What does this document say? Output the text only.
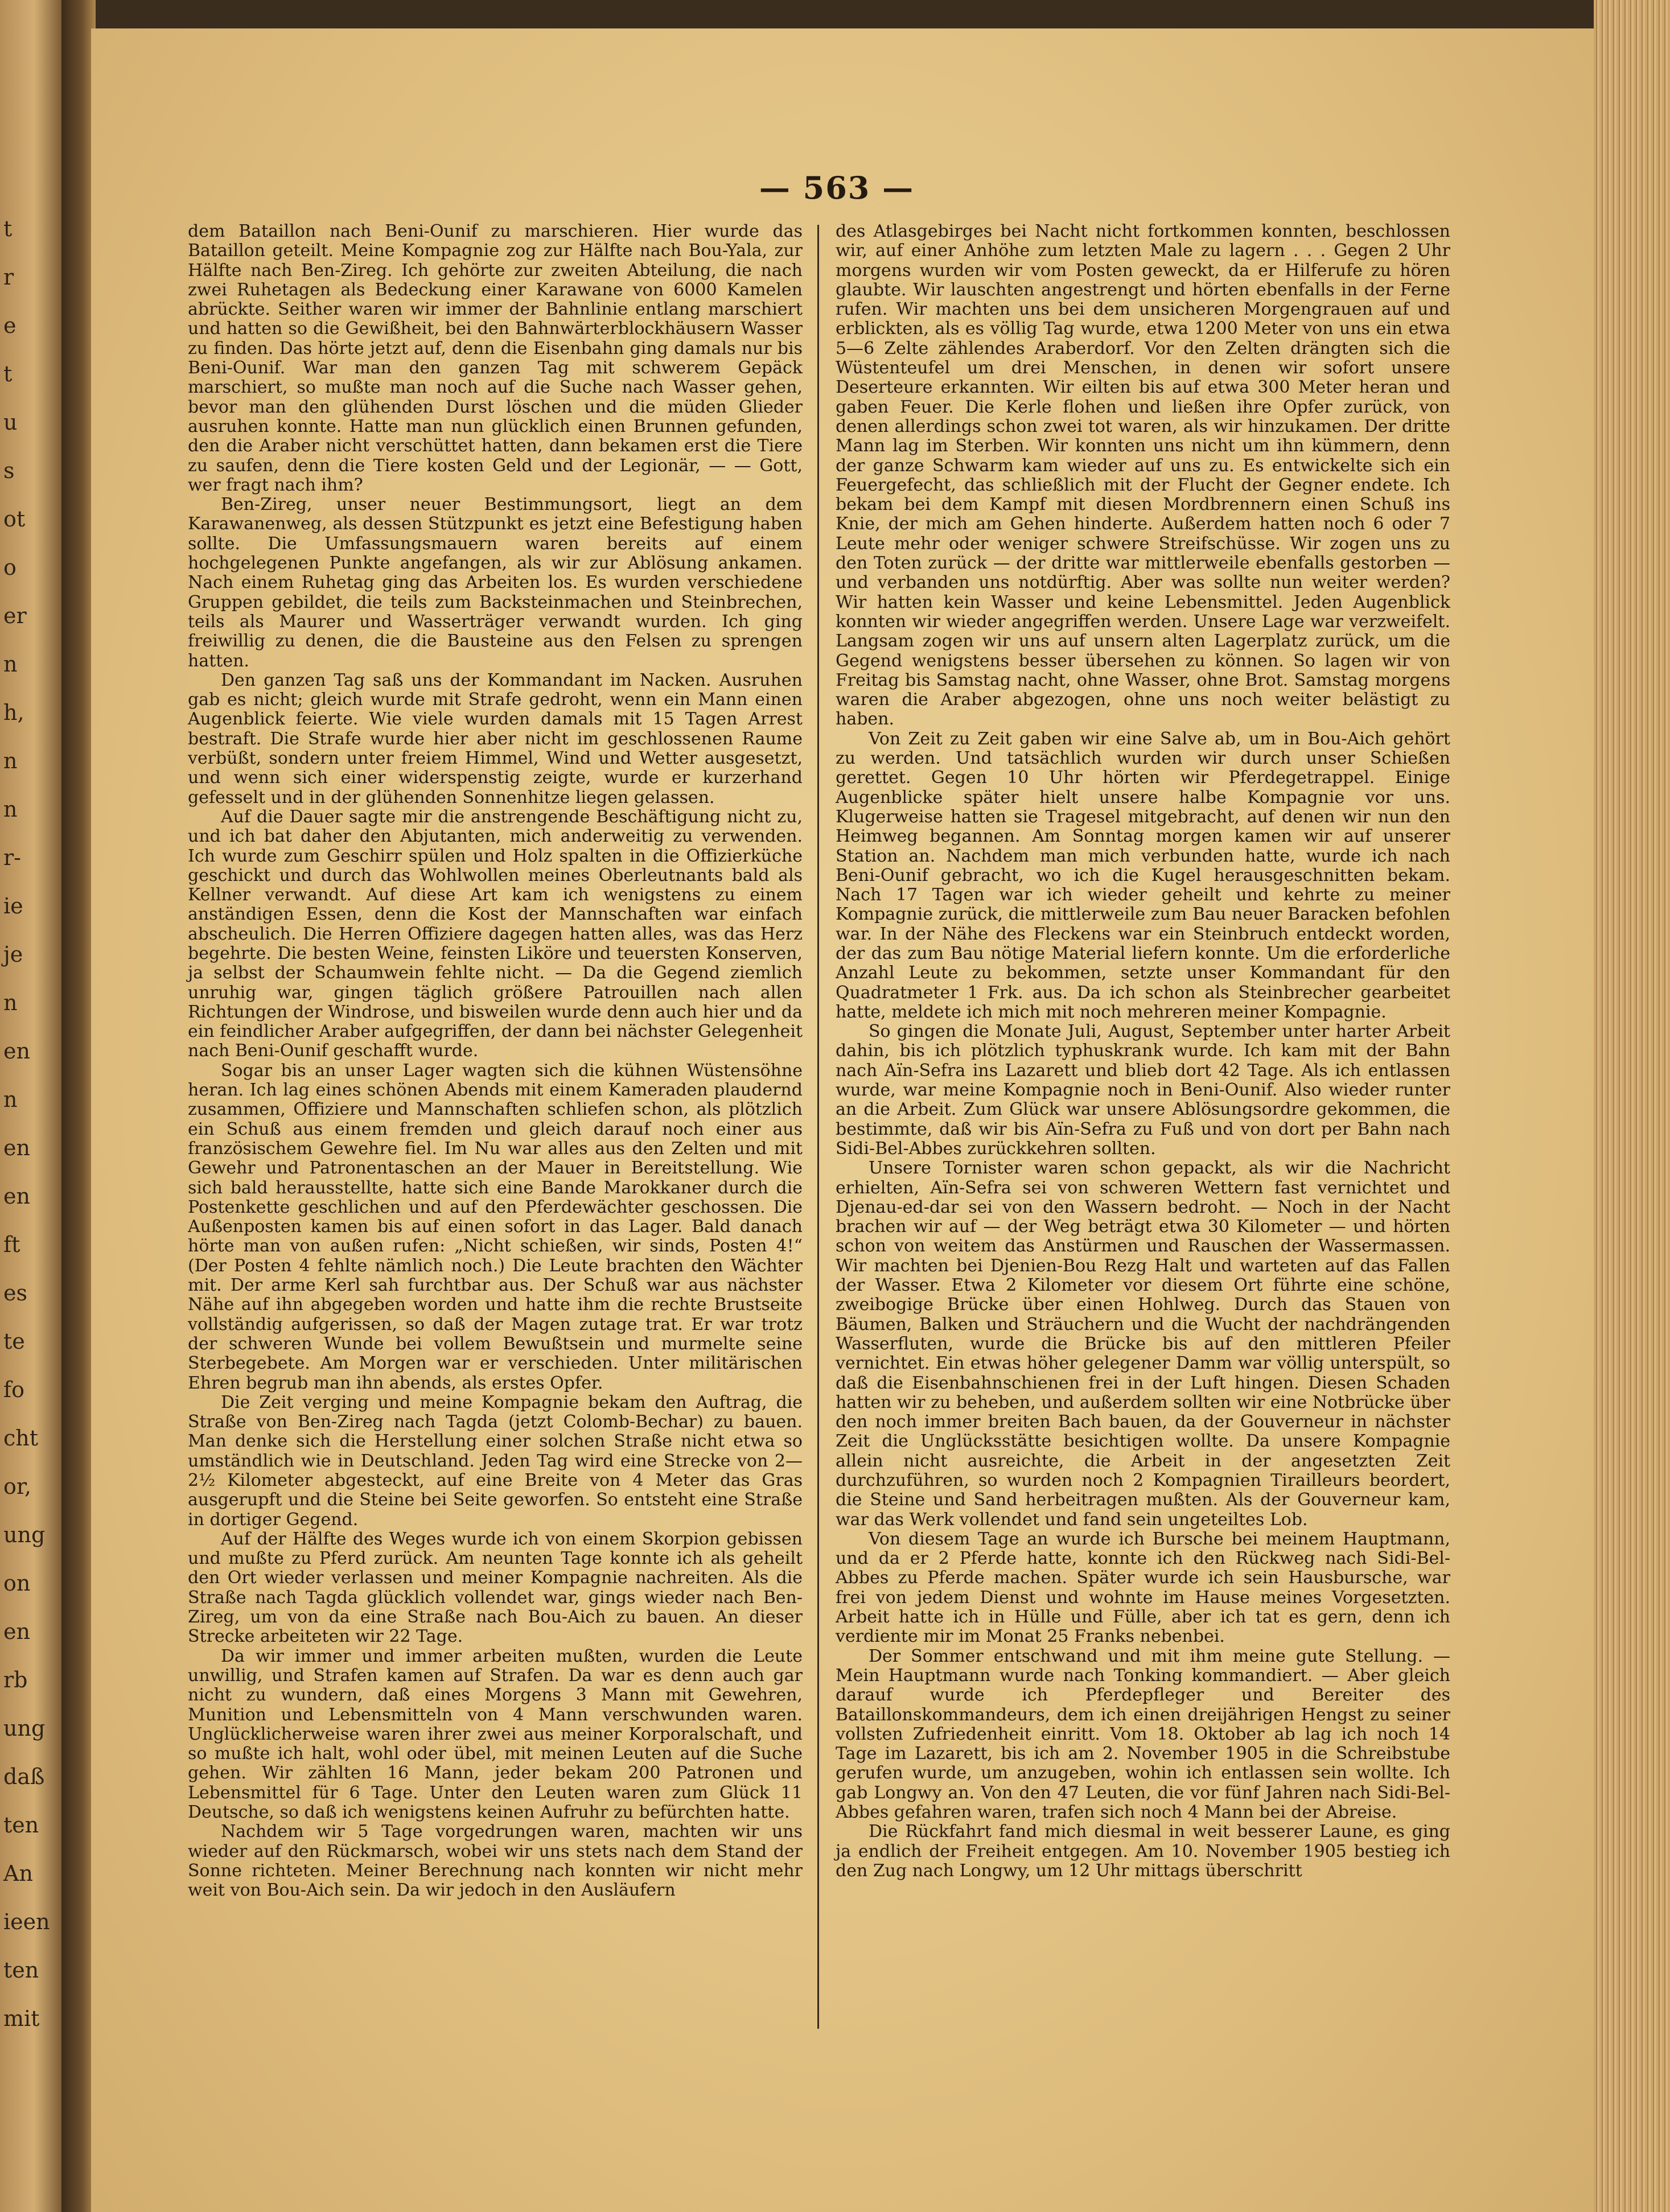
t
r
e
t
u
s
ot
o
er
n
h,
n
n
r-
ie
je
n
en
n
en
en
ft
es
te
fo
cht
or,
ung
on
en
rb
ung
daß
ten
An
ieen
ten
mit
— 563 —

dem Bataillon nach Beni-Ounif zu marschieren. Hier wurde das Bataillon geteilt. Meine Kompagnie zog zur Hälfte nach Bou-Yala, zur Hälfte nach Ben-Zireg. Ich gehörte zur zweiten Abteilung, die nach zwei Ruhetagen als Bedeckung einer Karawane von 6000 Kamelen abrückte. Seither waren wir immer der Bahnlinie entlang marschiert und hatten so die Gewißheit, bei den Bahnwärterblockhäusern Wasser zu finden. Das hörte jetzt auf, denn die Eisenbahn ging damals nur bis Beni-Ounif. War man den ganzen Tag mit schwerem Gepäck marschiert, so mußte man noch auf die Suche nach Wasser gehen, bevor man den glühenden Durst löschen und die müden Glieder ausruhen konnte. Hatte man nun glücklich einen Brunnen gefunden, den die Araber nicht verschüttet hatten, dann bekamen erst die Tiere zu saufen, denn die Tiere kosten Geld und der Legionär, — — Gott, wer fragt nach ihm?

Ben-Zireg, unser neuer Bestimmungsort, liegt an dem Karawanenweg, als dessen Stützpunkt es jetzt eine Befestigung haben sollte. Die Umfassungsmauern waren bereits auf einem hochgelegenen Punkte angefangen, als wir zur Ablösung ankamen. Nach einem Ruhetag ging das Arbeiten los. Es wurden verschiedene Gruppen gebildet, die teils zum Backsteinmachen und Steinbrechen, teils als Maurer und Wasserträger verwandt wurden. Ich ging freiwillig zu denen, die die Bausteine aus den Felsen zu sprengen hatten.

Den ganzen Tag saß uns der Kommandant im Nacken. Ausruhen gab es nicht; gleich wurde mit Strafe gedroht, wenn ein Mann einen Augenblick feierte. Wie viele wurden damals mit 15 Tagen Arrest bestraft. Die Strafe wurde hier aber nicht im geschlossenen Raume verbüßt, sondern unter freiem Himmel, Wind und Wetter ausgesetzt, und wenn sich einer widerspenstig zeigte, wurde er kurzerhand gefesselt und in der glühenden Sonnenhitze liegen gelassen.

Auf die Dauer sagte mir die anstrengende Beschäftigung nicht zu, und ich bat daher den Abjutanten, mich anderweitig zu verwenden. Ich wurde zum Geschirr spülen und Holz spalten in die Offizierküche geschickt und durch das Wohlwollen meines Oberleutnants bald als Kellner verwandt. Auf diese Art kam ich wenigstens zu einem anständigen Essen, denn die Kost der Mannschaften war einfach abscheulich. Die Herren Offiziere dagegen hatten alles, was das Herz begehrte. Die besten Weine, feinsten Liköre und teuersten Konserven, ja selbst der Schaumwein fehlte nicht. — Da die Gegend ziemlich unruhig war, gingen täglich größere Patrouillen nach allen Richtungen der Windrose, und bisweilen wurde denn auch hier und da ein feindlicher Araber aufgegriffen, der dann bei nächster Gelegenheit nach Beni-Ounif geschafft wurde.

Sogar bis an unser Lager wagten sich die kühnen Wüstensöhne heran. Ich lag eines schönen Abends mit einem Kameraden plaudernd zusammen, Offiziere und Mannschaften schliefen schon, als plötzlich ein Schuß aus einem fremden und gleich darauf noch einer aus französischem Gewehre fiel. Im Nu war alles aus den Zelten und mit Gewehr und Patronentaschen an der Mauer in Bereitstellung. Wie sich bald herausstellte, hatte sich eine Bande Marokkaner durch die Postenkette geschlichen und auf den Pferdewächter geschossen. Die Außenposten kamen bis auf einen sofort in das Lager. Bald danach hörte man von außen rufen: „Nicht schießen, wir sinds, Posten 4!“ (Der Posten 4 fehlte nämlich noch.) Die Leute brachten den Wächter mit. Der arme Kerl sah furchtbar aus. Der Schuß war aus nächster Nähe auf ihn abgegeben worden und hatte ihm die rechte Brustseite vollständig aufgerissen, so daß der Magen zutage trat. Er war trotz der schweren Wunde bei vollem Bewußtsein und murmelte seine Sterbegebete. Am Morgen war er verschieden. Unter militärischen Ehren begrub man ihn abends, als erstes Opfer.

Die Zeit verging und meine Kompagnie bekam den Auftrag, die Straße von Ben-Zireg nach Tagda (jetzt Colomb-Bechar) zu bauen. Man denke sich die Herstellung einer solchen Straße nicht etwa so umständlich wie in Deutschland. Jeden Tag wird eine Strecke von 2—2½ Kilometer abgesteckt, auf eine Breite von 4 Meter das Gras ausgerupft und die Steine bei Seite geworfen. So entsteht eine Straße in dortiger Gegend.

Auf der Hälfte des Weges wurde ich von einem Skorpion gebissen und mußte zu Pferd zurück. Am neunten Tage konnte ich als geheilt den Ort wieder verlassen und meiner Kompagnie nachreiten. Als die Straße nach Tagda glücklich vollendet war, gings wieder nach Ben-Zireg, um von da eine Straße nach Bou-Aich zu bauen. An dieser Strecke arbeiteten wir 22 Tage.

Da wir immer und immer arbeiten mußten, wurden die Leute unwillig, und Strafen kamen auf Strafen. Da war es denn auch gar nicht zu wundern, daß eines Morgens 3 Mann mit Gewehren, Munition und Lebensmitteln von 4 Mann verschwunden waren. Unglücklicherweise waren ihrer zwei aus meiner Korporalschaft, und so mußte ich halt, wohl oder übel, mit meinen Leuten auf die Suche gehen. Wir zählten 16 Mann, jeder bekam 200 Patronen und Lebensmittel für 6 Tage. Unter den Leuten waren zum Glück 11 Deutsche, so daß ich wenigstens keinen Aufruhr zu befürchten hatte.

Nachdem wir 5 Tage vorgedrungen waren, machten wir uns wieder auf den Rückmarsch, wobei wir uns stets nach dem Stand der Sonne richteten. Meiner Berechnung nach konnten wir nicht mehr weit von Bou-Aich sein. Da wir jedoch in den Ausläufern

des Atlasgebirges bei Nacht nicht fortkommen konnten, beschlossen wir, auf einer Anhöhe zum letzten Male zu lagern . . . Gegen 2 Uhr morgens wurden wir vom Posten geweckt, da er Hilferufe zu hören glaubte. Wir lauschten angestrengt und hörten ebenfalls in der Ferne rufen. Wir machten uns bei dem unsicheren Morgengrauen auf und erblickten, als es völlig Tag wurde, etwa 1200 Meter von uns ein etwa 5—6 Zelte zählendes Araberdorf. Vor den Zelten drängten sich die Wüstenteufel um drei Menschen, in denen wir sofort unsere Deserteure erkannten. Wir eilten bis auf etwa 300 Meter heran und gaben Feuer. Die Kerle flohen und ließen ihre Opfer zurück, von denen allerdings schon zwei tot waren, als wir hinzukamen. Der dritte Mann lag im Sterben. Wir konnten uns nicht um ihn kümmern, denn der ganze Schwarm kam wieder auf uns zu. Es entwickelte sich ein Feuergefecht, das schließlich mit der Flucht der Gegner endete. Ich bekam bei dem Kampf mit diesen Mordbrennern einen Schuß ins Knie, der mich am Gehen hinderte. Außerdem hatten noch 6 oder 7 Leute mehr oder weniger schwere Streifschüsse. Wir zogen uns zu den Toten zurück — der dritte war mittlerweile ebenfalls gestorben — und verbanden uns notdürftig. Aber was sollte nun weiter werden? Wir hatten kein Wasser und keine Lebensmittel. Jeden Augenblick konnten wir wieder angegriffen werden. Unsere Lage war verzweifelt. Langsam zogen wir uns auf unsern alten Lagerplatz zurück, um die Gegend wenigstens besser übersehen zu können. So lagen wir von Freitag bis Samstag nacht, ohne Wasser, ohne Brot. Samstag morgens waren die Araber abgezogen, ohne uns noch weiter belästigt zu haben.

Von Zeit zu Zeit gaben wir eine Salve ab, um in Bou-Aich gehört zu werden. Und tatsächlich wurden wir durch unser Schießen gerettet. Gegen 10 Uhr hörten wir Pferdegetrappel. Einige Augenblicke später hielt unsere halbe Kompagnie vor uns. Klugerweise hatten sie Tragesel mitgebracht, auf denen wir nun den Heimweg begannen. Am Sonntag morgen kamen wir auf unserer Station an. Nachdem man mich verbunden hatte, wurde ich nach Beni-Ounif gebracht, wo ich die Kugel herausgeschnitten bekam. Nach 17 Tagen war ich wieder geheilt und kehrte zu meiner Kompagnie zurück, die mittlerweile zum Bau neuer Baracken befohlen war. In der Nähe des Fleckens war ein Steinbruch entdeckt worden, der das zum Bau nötige Material liefern konnte. Um die erforderliche Anzahl Leute zu bekommen, setzte unser Kommandant für den Quadratmeter 1 Frk. aus. Da ich schon als Steinbrecher gearbeitet hatte, meldete ich mich mit noch mehreren meiner Kompagnie.

So gingen die Monate Juli, August, September unter harter Arbeit dahin, bis ich plötzlich typhuskrank wurde. Ich kam mit der Bahn nach Aïn-Sefra ins Lazarett und blieb dort 42 Tage. Als ich entlassen wurde, war meine Kompagnie noch in Beni-Ounif. Also wieder runter an die Arbeit. Zum Glück war unsere Ablösungsordre gekommen, die bestimmte, daß wir bis Aïn-Sefra zu Fuß und von dort per Bahn nach Sidi-Bel-Abbes zurückkehren sollten.

Unsere Tornister waren schon gepackt, als wir die Nachricht erhielten, Aïn-Sefra sei von schweren Wettern fast vernichtet und Djenau-ed-dar sei von den Wassern bedroht. — Noch in der Nacht brachen wir auf — der Weg beträgt etwa 30 Kilometer — und hörten schon von weitem das Anstürmen und Rauschen der Wassermassen. Wir machten bei Djenien-Bou Rezg Halt und warteten auf das Fallen der Wasser. Etwa 2 Kilometer vor diesem Ort führte eine schöne, zweibogige Brücke über einen Hohlweg. Durch das Stauen von Bäumen, Balken und Sträuchern und die Wucht der nachdrängenden Wasserfluten, wurde die Brücke bis auf den mittleren Pfeiler vernichtet. Ein etwas höher gelegener Damm war völlig unterspült, so daß die Eisenbahnschienen frei in der Luft hingen. Diesen Schaden hatten wir zu beheben, und außerdem sollten wir eine Notbrücke über den noch immer breiten Bach bauen, da der Gouverneur in nächster Zeit die Unglücksstätte besichtigen wollte. Da unsere Kompagnie allein nicht ausreichte, die Arbeit in der angesetzten Zeit durchzuführen, so wurden noch 2 Kompagnien Tirailleurs beordert, die Steine und Sand herbeitragen mußten. Als der Gouverneur kam, war das Werk vollendet und fand sein ungeteiltes Lob.

Von diesem Tage an wurde ich Bursche bei meinem Hauptmann, und da er 2 Pferde hatte, konnte ich den Rückweg nach Sidi-Bel-Abbes zu Pferde machen. Später wurde ich sein Hausbursche, war frei von jedem Dienst und wohnte im Hause meines Vorgesetzten. Arbeit hatte ich in Hülle und Fülle, aber ich tat es gern, denn ich verdiente mir im Monat 25 Franks nebenbei.

Der Sommer entschwand und mit ihm meine gute Stellung. — Mein Hauptmann wurde nach Tonking kommandiert. — Aber gleich darauf wurde ich Pferdepfleger und Bereiter des Bataillonskommandeurs, dem ich einen dreijährigen Hengst zu seiner vollsten Zufriedenheit einritt. Vom 18. Oktober ab lag ich noch 14 Tage im Lazarett, bis ich am 2. November 1905 in die Schreibstube gerufen wurde, um anzugeben, wohin ich entlassen sein wollte. Ich gab Longwy an. Von den 47 Leuten, die vor fünf Jahren nach Sidi-Bel-Abbes gefahren waren, trafen sich noch 4 Mann bei der Abreise.

Die Rückfahrt fand mich diesmal in weit besserer Laune, es ging ja endlich der Freiheit entgegen. Am 10. November 1905 bestieg ich den Zug nach Longwy, um 12 Uhr mittags überschritt
